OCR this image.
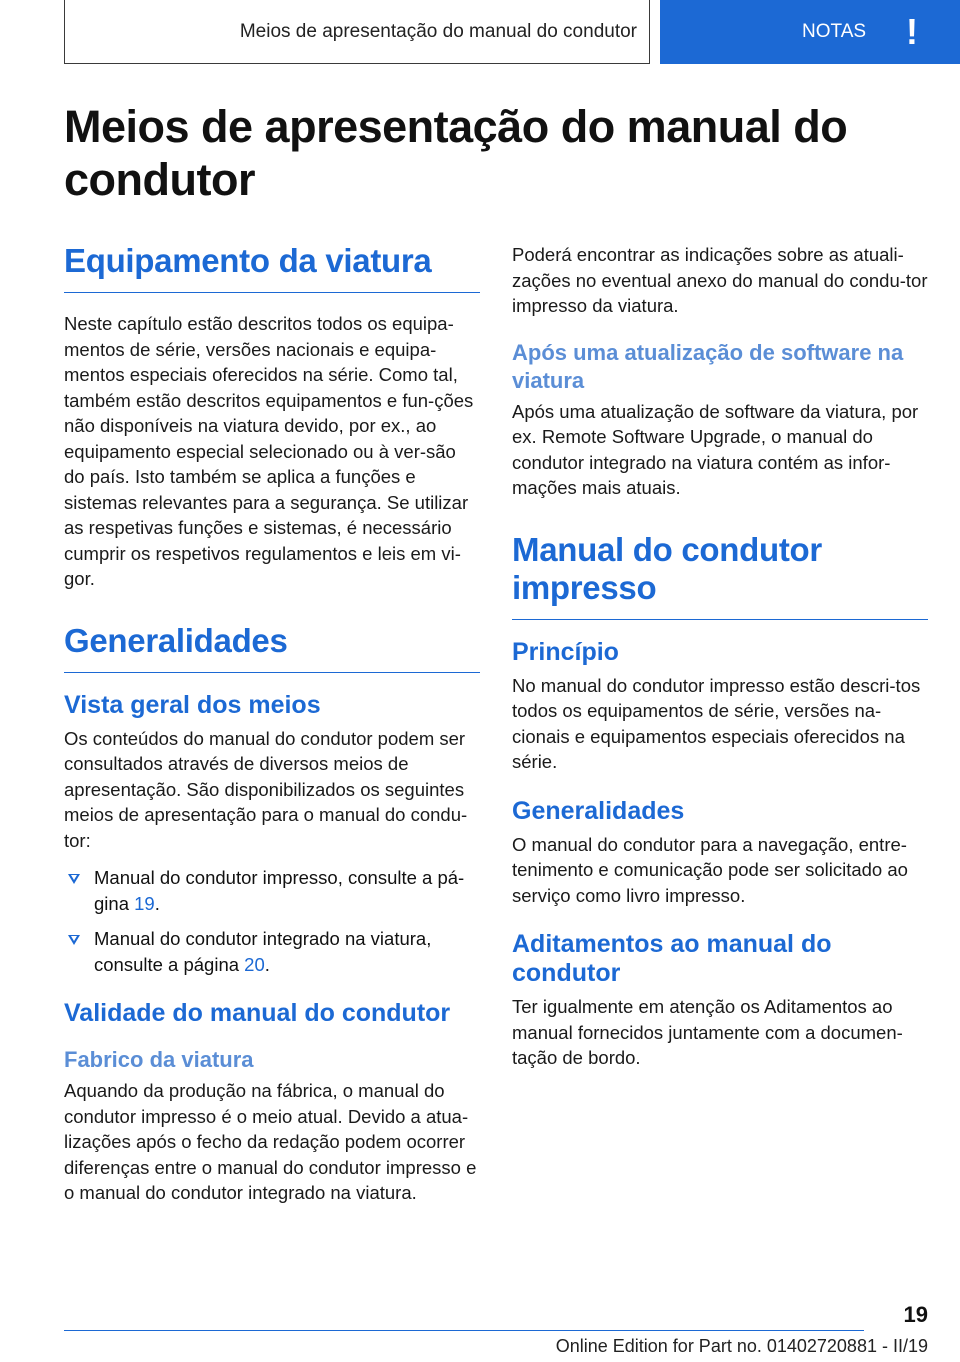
Meios de apresentação do manual do condutor	NOTAS !
Meios de apresentação do manual do condutor
Equipamento da viatura

Neste capítulo estão descritos todos os equipa-mentos de série, versões nacionais e equipa-mentos especiais oferecidos na série. Como tal, também estão descritos equipamentos e fun-ções não disponíveis na viatura devido, por ex., ao equipamento especial selecionado ou à ver-são do país. Isto também se aplica a funções e sistemas relevantes para a segurança. Se utilizar as respetivas funções e sistemas, é necessário cumprir os respetivos regulamentos e leis em vi-gor.

Generalidades
Vista geral dos meios

Os conteúdos do manual do condutor podem ser consultados através de diversos meios de apresentação. São disponibilizados os seguintes meios de apresentação para o manual do condu-tor:

Manual do condutor impresso, consulte a pá-gina 19.
Manual do condutor integrado na viatura, consulte a página 20.
Validade do manual do condutor
Fabrico da viatura

Aquando da produção na fábrica, o manual do condutor impresso é o meio atual. Devido a atua-lizações após o fecho da redação podem ocorrer diferenças entre o manual do condutor impresso e o manual do condutor integrado na viatura.

Poderá encontrar as indicações sobre as atuali-zações no eventual anexo do manual do condu-tor impresso da viatura.

Após uma atualização de software na viatura

Após uma atualização de software da viatura, por ex. Remote Software Upgrade, o manual do condutor integrado na viatura contém as infor-mações mais atuais.

Manual do condutor impresso
Princípio

No manual do condutor impresso estão descri-tos todos os equipamentos de série, versões na-cionais e equipamentos especiais oferecidos na série.

Generalidades

O manual do condutor para a navegação, entre-tenimento e comunicação pode ser solicitado ao serviço como livro impresso.

Aditamentos ao manual do condutor

Ter igualmente em atenção os Aditamentos ao manual fornecidos juntamente com a documen-tação de bordo.

19
Online Edition for Part no. 01402720881 - II/19
